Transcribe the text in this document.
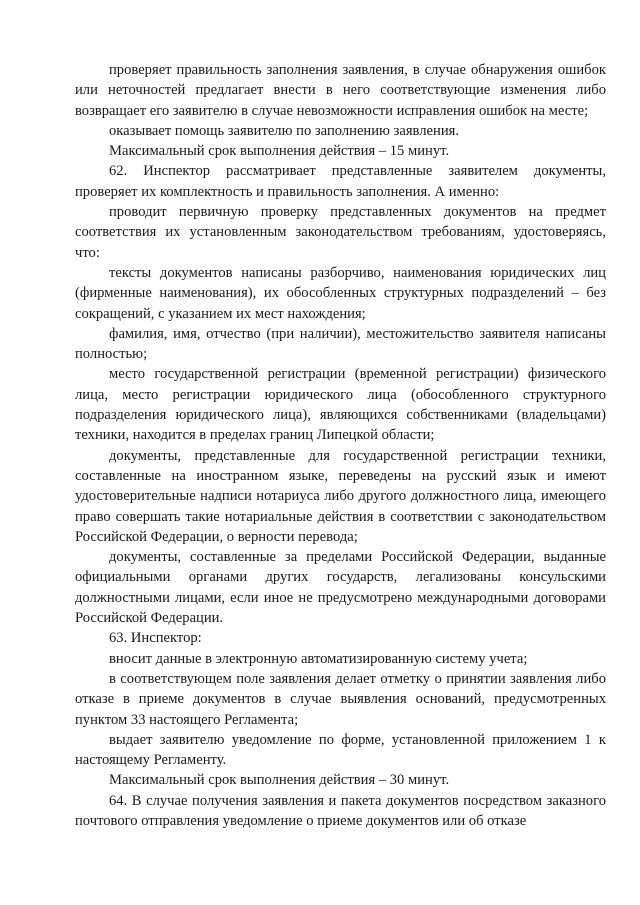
проверяет правильность заполнения заявления, в случае обнаружения ошибок или неточностей предлагает внести в него соответствующие изменения либо возвращает его заявителю в случае невозможности исправления ошибок на месте;

оказывает помощь заявителю по заполнению заявления.

Максимальный срок выполнения действия – 15 минут.

62. Инспектор рассматривает представленные заявителем документы, проверяет их комплектность и правильность заполнения. А именно:

проводит первичную проверку представленных документов на предмет соответствия их установленным законодательством требованиям, удостоверяясь, что:

тексты документов написаны разборчиво, наименования юридических лиц (фирменные наименования), их обособленных структурных подразделений – без сокращений, с указанием их мест нахождения;

фамилия, имя, отчество (при наличии), местожительство заявителя написаны полностью;

место государственной регистрации (временной регистрации) физического лица, место регистрации юридического лица (обособленного структурного подразделения юридического лица), являющихся собственниками (владельцами) техники, находится в пределах границ Липецкой области;

документы, представленные для государственной регистрации техники, составленные на иностранном языке, переведены на русский язык и имеют удостоверительные надписи нотариуса либо другого должностного лица, имеющего право совершать такие нотариальные действия в соответствии с законодательством Российской Федерации, о верности перевода;

документы, составленные за пределами Российской Федерации, выданные официальными органами других государств, легализованы консульскими должностными лицами, если иное не предусмотрено международными договорами Российской Федерации.

63. Инспектор:

вносит данные в электронную автоматизированную систему учета;

в соответствующем поле заявления делает отметку о принятии заявления либо отказе в приеме документов в случае выявления оснований, предусмотренных пунктом 33 настоящего Регламента;

выдает заявителю уведомление по форме, установленной приложением 1 к настоящему Регламенту.

Максимальный срок выполнения действия – 30 минут.

64. В случае получения заявления и пакета документов посредством заказного почтового отправления уведомление о приеме документов или об отказе
